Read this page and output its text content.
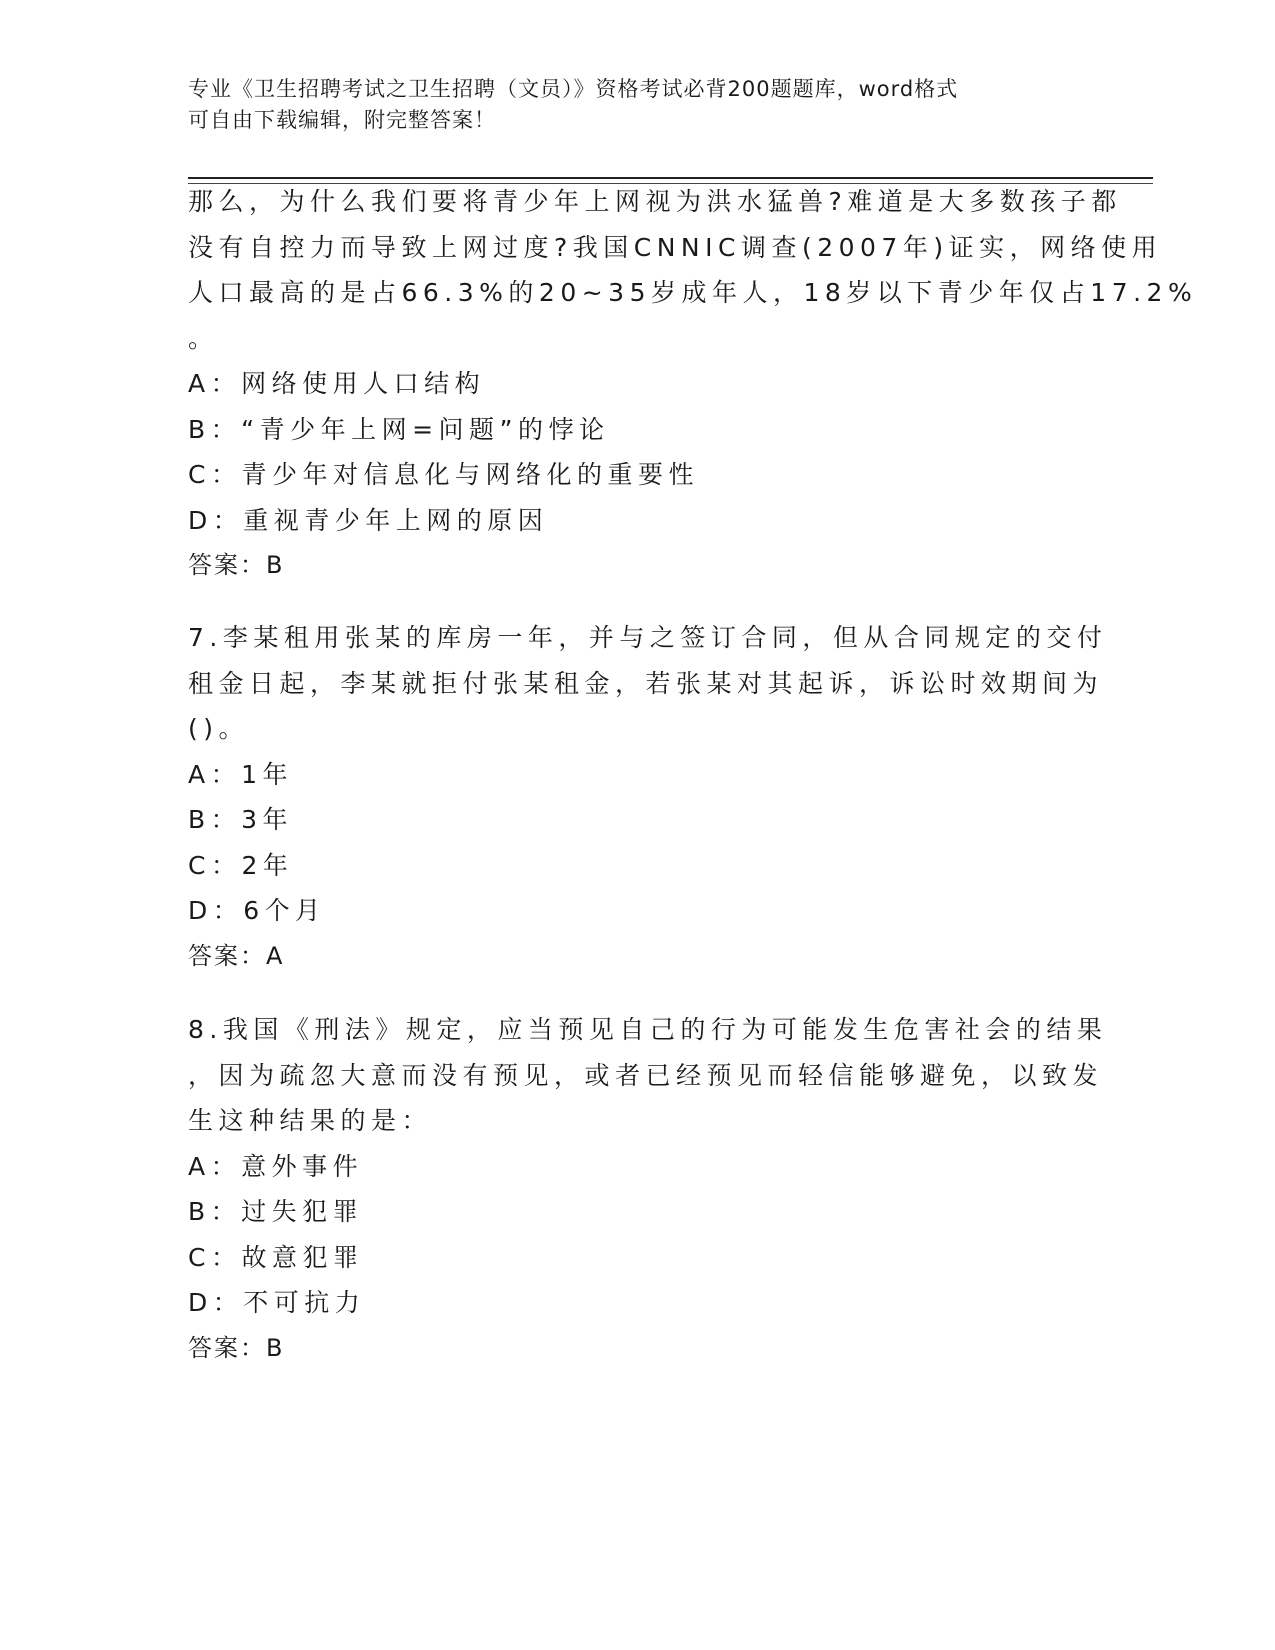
专业《卫生招聘考试之卫生招聘（文员）》资格考试必背200题题库，word格式
可自由下载编辑，附完整答案！
那么，为什么我们要将青少年上网视为洪水猛兽?难道是大多数孩子都
没有自控力而导致上网过度?我国CNNIC调查(2007年)证实，网络使用
人口最高的是占66.3%的20~35岁成年人，18岁以下青少年仅占17.2%
。
A：网络使用人口结构
B：“青少年上网=问题”的悖论
C：青少年对信息化与网络化的重要性
D：重视青少年上网的原因
答案：B
7.李某租用张某的库房一年，并与之签订合同，但从合同规定的交付
租金日起，李某就拒付张某租金，若张某对其起诉，诉讼时效期间为
()。
A：1年
B：3年
C：2年
D：6个月
答案：A
8.我国《刑法》规定，应当预见自己的行为可能发生危害社会的结果
，因为疏忽大意而没有预见，或者已经预见而轻信能够避免，以致发
生这种结果的是：
A：意外事件
B：过失犯罪
C：故意犯罪
D：不可抗力
答案：B
